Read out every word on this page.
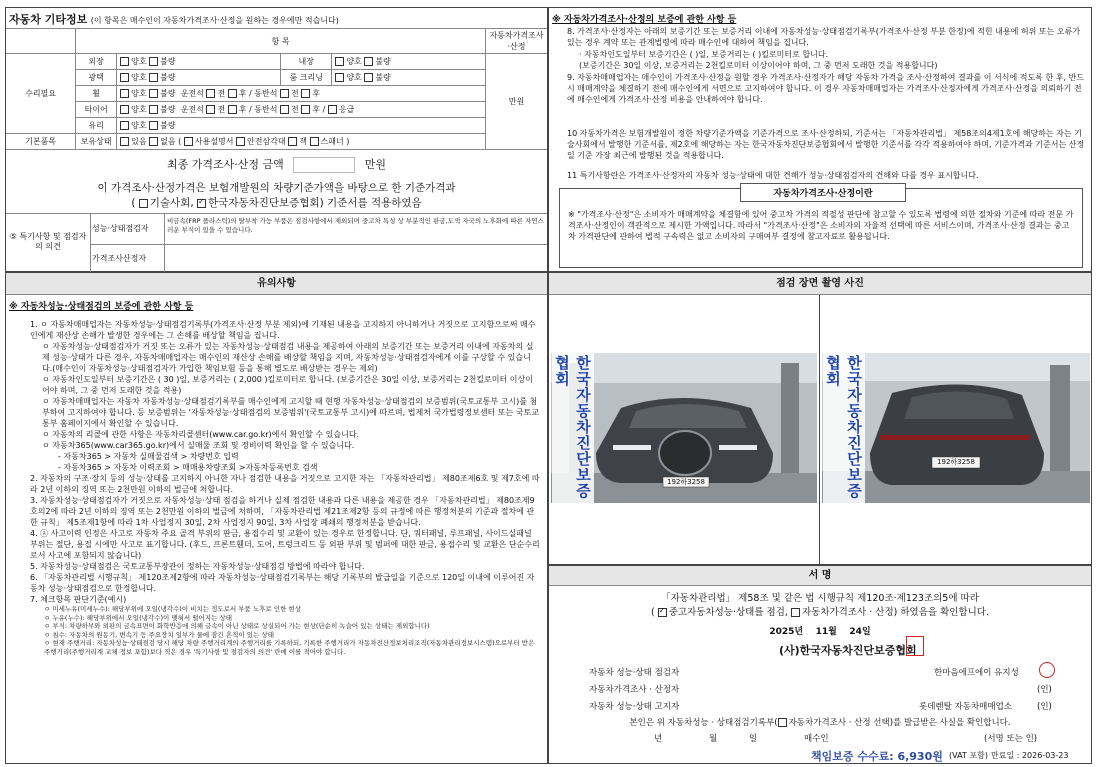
자동차 기타정보 (이 항목은 매수인이 자동차가격조사·산정을 원하는 경우에만 적습니다)
	항 목				자동차가격조사·산정
수리필요	외장	양호 불량	내장	양호 불량	만원
	광택	양호 불량	룸 크리닝	양호 불량	
	휠	양호 불량 운전석 전 후 / 동반석 전 후			
	타이어	양호 불량 운전석 전 후 / 동반석 전 후 / 응급			
	유리	양호 불량			
기본품목	보유상태	있음 없음 ( 사용설명서 안전삼각대 잭 스패너 )			
최종 가격조사·산정 금액	만원
이 가격조사·산정가격은 보험개발원의 차량기준가액을 바탕으로 한 기준가격과
( 기술사회, ✓ 한국자동차진단보증협회) 기준서를 적용하였음
⑤ 특기사항 및 점검자의 의견
성능·상태점검자
비금속(FRP 플라스틱)의 탈부착 가능 부품은 점검사항에서 제외되며 중고차 특성 상 부분적인 판금,도색 자국의 노후화에 따른 자연스러운 부식이 있을 수 있습니다.
가격조사산정자
※ 자동차가격조사·산정의 보증에 관한 사항 등
8. 가격조사·산정자는 아래의 보증기간 또는 보증거리 이내에 자동차성능·상태점검기록부(가격조사·산정 부분 한정)에 적힌 내용에 허위 또는 오류가 있는 경우 계약 또는 관계법령에 따라 매수인에 대하여 책임을 집니다.
· 자동차인도일부터 보증기간은 ( )일, 보증거리는 ( )킬로미터로 합니다.
(보증기간은 30일 이상, 보증거리는 2천킬로미터 이상이어야 하며, 그 중 먼저 도래한 것을 적용합니다)
9. 자동차매매업자는 매수인이 가격조사·산정을 원할 경우 가격조사·산정자가 해당 자동차 가격을 조사·산정하여 결과를 이 서식에 적도록 한 후, 반드시 매매계약을 체결하기 전에 매수인에게 서면으로 고지하여야 합니다. 이 경우 자동차매매업자는 가격조사·산정자에게 가격조사·산정을 의뢰하기 전에 매수인에게 가격조사·산정 비용을 안내하여야 합니다.
10 자동차가격은 보험개발원이 정한 차량기준가액을 기준가격으로 조사·산정하되, 기준서는 「자동차관리법」 제58조의4제1호에 해당하는 자는 기술사회에서 발행한 기준서를, 제2호에 해당하는 자는 한국자동차진단보증협회에서 발행한 기준서를 각각 적용하여야 하며, 기준가격과 기준서는 산정일 기준 가장 최근에 발행된 것을 적용합니다.
11 특기사항란은 가격조사·산정자의 자동차 성능·상태에 대한 견해가 성능·상태점검자의 견해와 다를 경우 표시합니다.
자동차가격조사·산정이란
※ "가격조사·산정"은 소비자가 매매계약을 체결함에 있어 중고차 가격의 적절성 판단에 참고할 수 있도록 법령에 의한 절차와 기준에 따라 전문 가격조사·산정인이 객관적으로 제시한 가액입니다. 따라서 "가격조사·산정"은 소비자의 자율적 선택에 따른 서비스이며, 가격조사·산정 결과는 중고차 가격판단에 관하여 법적 구속력은 없고 소비자의 구매여부 결정에 참고자료로 활용됩니다.
유의사항
※ 자동차성능·상태점검의 보증에 관한 사항 등
1. ㅇ 자동차매매업자는 자동차성능·상태점검기록부(가격조사·산정 부분 제외)에 기재된 내용을 고지하지 아니하거나 거짓으로 고지함으로써 매수인에게 재산상 손해가 발생한 경우에는 그 손해를 배상할 책임을 집니다.
ㅇ 자동차성능·상태점검자가 거짓 또는 오류가 있는 자동차성능·상태점검 내용을 제공하여 아래의 보증기간 또는 보증거리 이내에 자동차의 실제 성능·상태가 다른 경우, 자동차매매업자는 매수인의 재산상 손해를 배상할 책임을 지며, 자동차성능·상태점검자에게 이를 구상할 수 있습니다.(매수인이 자동차성능·상태점검자가 가입한 책임보험 등을 통해 별도로 배상받는 경우는 제외)
ㅇ 자동차인도일부터 보증기간은 ( 30 )일, 보증거리는 ( 2,000 )킬로미터로 합니다. (보증기간은 30일 이상, 보증거리는 2천킬로미터 이상이어야 하며, 그 중 먼저 도래한 것을 적용)
ㅇ 자동차매매업자는 자동차 자동차성능·상태점검기록부를 매수인에게 고지할 때 현행 자동차성능·상태점검의 보증범위(국토교통부 고시)를 첨부하여 고지하여야 합니다. 등 보증범위는 '자동차성능·상태점검의 보증범위'(국토교통부 고시)에 따르며, 법제처 국가법령정보센터 또는 국토교통부 홈페이지에서 확인할 수 있습니다.
ㅇ 자동차의 리콜에 관한 사항은 자동차리콜센터(www.car.go.kr)에서 확인할 수 있습니다.
ㅇ 자동차365(www.car365.go.kr)에서 실매물 조회 및 정비이력 확인을 할 수 있습니다.
- 자동차365 > 자동차 실매물검색 > 차량번호 입력
- 자동차365 > 자동차 이력조회 > 매매용차량조회 >자동차등록번호 검색
2. 자동차의 구조·장치 등의 성능·상태를 고지하지 아니한 자나 점검한 내용을 거짓으로 고지한 자는 「자동차관리법」 제80조제6호 및 제7호에 따라 2년 이하의 징역 또는 2천만원 이하의 벌금에 처합니다.
3. 자동차성능·상태점검자가 거짓으로 자동차성능·상태 점검을 하거나 실제 점검한 내용과 다른 내용을 제공한 경우 「자동차관리법」 제80조제9호의2에 따라 2년 이하의 징역 또는 2천만원 이하의 벌금에 처하며, 「자동차관리법 제21조제2항 등의 규정에 따른 행정처분의 기준과 절차에 관한 규칙」 제5조제1항에 따라 1차 사업정지 30일, 2차 사업정지 90일, 3차 사업장 폐쇄의 행정처분을 받습니다.
4. ⓐ 사고이력 인정은 사고로 자동차 주요 골격 부위의 판금, 용접수리 및 교환이 있는 경우로 한정합니다. 단, 쿼터패널, 루프패널, 사이드실패널 부위는 절단, 용접 시에만 사고로 표기합니다. (후드, 프론트휀더, 도어, 트렁크리드 등 외판 부위 및 범퍼에 대한 판금, 용접수리 및 교환은 단순수리로서 사고에 포함되지 않습니다)
5. 자동차성능·상태점검은 국토교통부장관이 정하는 자동차성능·상태점검 방법에 따라야 합니다.
6. 「자동차관리법 시행규칙」 제120조제2항에 따라 자동차성능·상태점검기록부는 해당 기록부의 발급일을 기준으로 120일 이내에 이루어진 자동차 성능·상태점검으로 한정합니다.
7. 체크항목 판단기준(예시)
ㅇ 미세누유(미세누수): 해당부위에 오일(냉각수)이 비치는 정도로서 부품 노후로 인한 현상
ㅇ 누유(누수): 해당부위에서 오일(냉각수)이 맺혀서 떨어지는 상태
ㅇ 부식: 차량하부와 외판의 금속표면이 화학반응에 의해 금속이 아닌 상태로 상실되어 가는 현상(단순히 녹슬어 있는 상태는 제외합니다)
ㅇ 침수: 자동차의 원동기, 변속기 등 주요장치 일부가 물에 잠긴 흔적이 있는 상태
ㅇ 현재 주행거리: 자동차성능·상태점검 당시 해당 차량 주행거리계의 주행거리를 기록하되, 기록한 주행거리가 자동차전산정보처리조직(자동차관리정보시스템)으로부터 받은 주행거리(주행거리계 교체 정보 포함)보다 적은 경우 '특기사항 및 점검자의 의견' 란에 이를 적어야 합니다.
점검 장면 촬영 사진
192하3258
한국자동차진단보증협회
192하3258
한국자동차진단보증협회
서 명
「자동차관리법」 제58조 및 같은 법 시행규칙 제120조·제123조의5에 따라
( ✓중고자동차성능·상태를 점검, 자동차가격조사 · 산정) 하였음을 확인합니다.
2025년 11월 24일
(사)한국자동차진단보증협회
자동차 성능·상태 점검자	한마음에프에이 유지성
자동차가격조사 · 산정자	(인)
자동차 성능·상태 고지자	롯데렌탈 자동차매매업소	(인)
본인은 위 자동차성능 · 상태점검기록부( 자동차가격조사 · 산정 선택)를 발급받은 사실을 확인합니다.
년	월	일	매수인	(서명 또는 인)
책임보증 수수료: 6,930원 (VAT 포함) 만료일 : 2026-03-23
